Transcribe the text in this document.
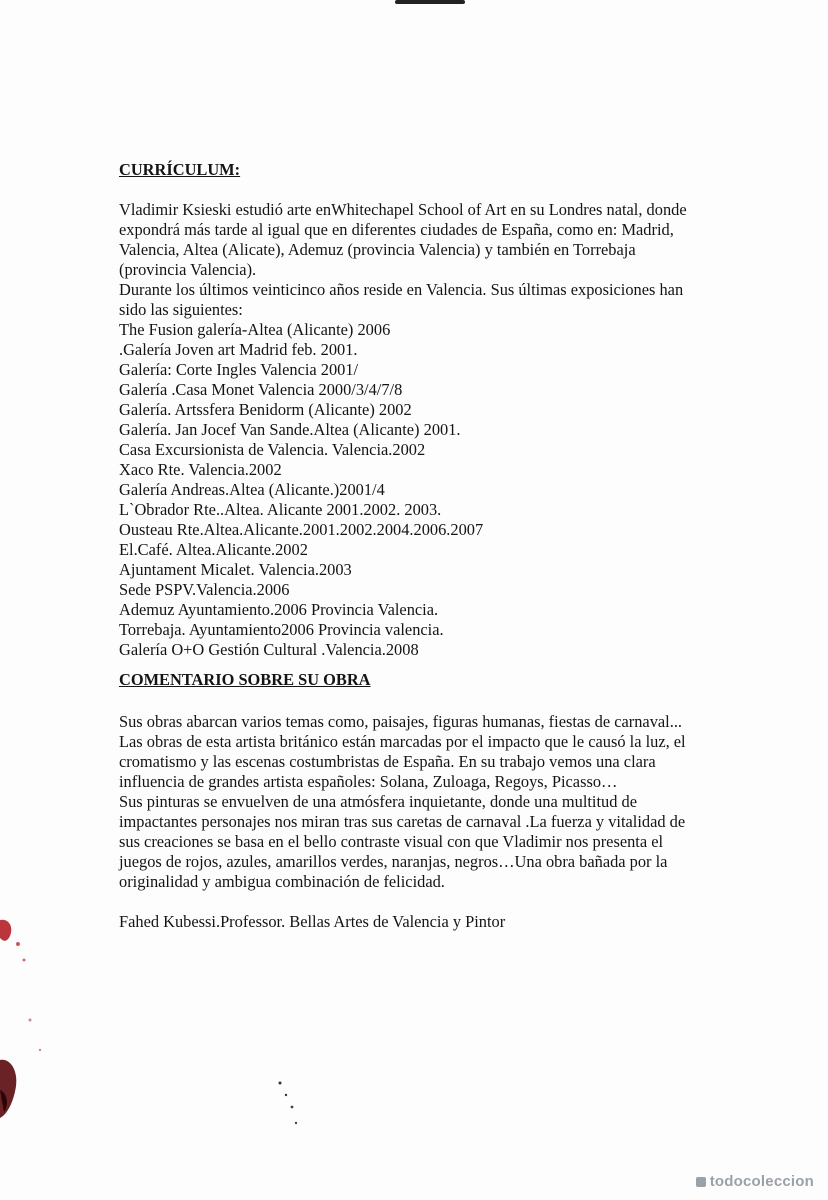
CURRÍCULUM:

Vladimir Ksieski estudió arte enWhitechapel School of Art en su Londres natal, donde
expondrá más tarde al igual que en diferentes ciudades de España, como en: Madrid,
Valencia, Altea (Alicate), Ademuz (provincia Valencia) y también en Torrebaja
(provincia Valencia).
Durante los últimos veinticinco años reside en Valencia. Sus últimas exposiciones han
sido las siguientes:
The Fusion galería-Altea (Alicante) 2006
.Galería Joven art Madrid feb. 2001.
Galería: Corte Ingles Valencia 2001/
Galería .Casa Monet Valencia 2000/3/4/7/8
Galería. Artssfera Benidorm (Alicante) 2002
Galería. Jan Jocef Van Sande.Altea (Alicante) 2001.
Casa Excursionista de Valencia. Valencia.2002
Xaco Rte. Valencia.2002
Galería Andreas.Altea (Alicante.)2001/4
L`Obrador Rte..Altea. Alicante 2001.2002. 2003.
Ousteau Rte.Altea.Alicante.2001.2002.2004.2006.2007
El.Café. Altea.Alicante.2002
Ajuntament Micalet. Valencia.2003
Sede PSPV.Valencia.2006
Ademuz Ayuntamiento.2006 Provincia Valencia.
Torrebaja. Ayuntamiento2006 Provincia valencia.
Galería O+O Gestión Cultural .Valencia.2008

COMENTARIO SOBRE SU OBRA

Sus obras abarcan varios temas como, paisajes, figuras humanas, fiestas de carnaval...
Las obras de esta artista británico están marcadas por el impacto que le causó la luz, el
cromatismo y las escenas costumbristas de España. En su trabajo vemos una clara
influencia de grandes artista españoles: Solana, Zuloaga, Regoys, Picasso…
Sus pinturas se envuelven de una atmósfera inquietante, donde una multitud de
impactantes personajes nos miran tras sus caretas de carnaval .La fuerza y vitalidad de
sus creaciones se basa en el bello contraste visual con que Vladimir nos presenta el
juegos de rojos, azules, amarillos verdes, naranjas, negros…Una obra bañada por la
originalidad y ambigua combinación de felicidad.

Fahed Kubessi.Professor. Bellas Artes de Valencia y Pintor

todocoleccion
